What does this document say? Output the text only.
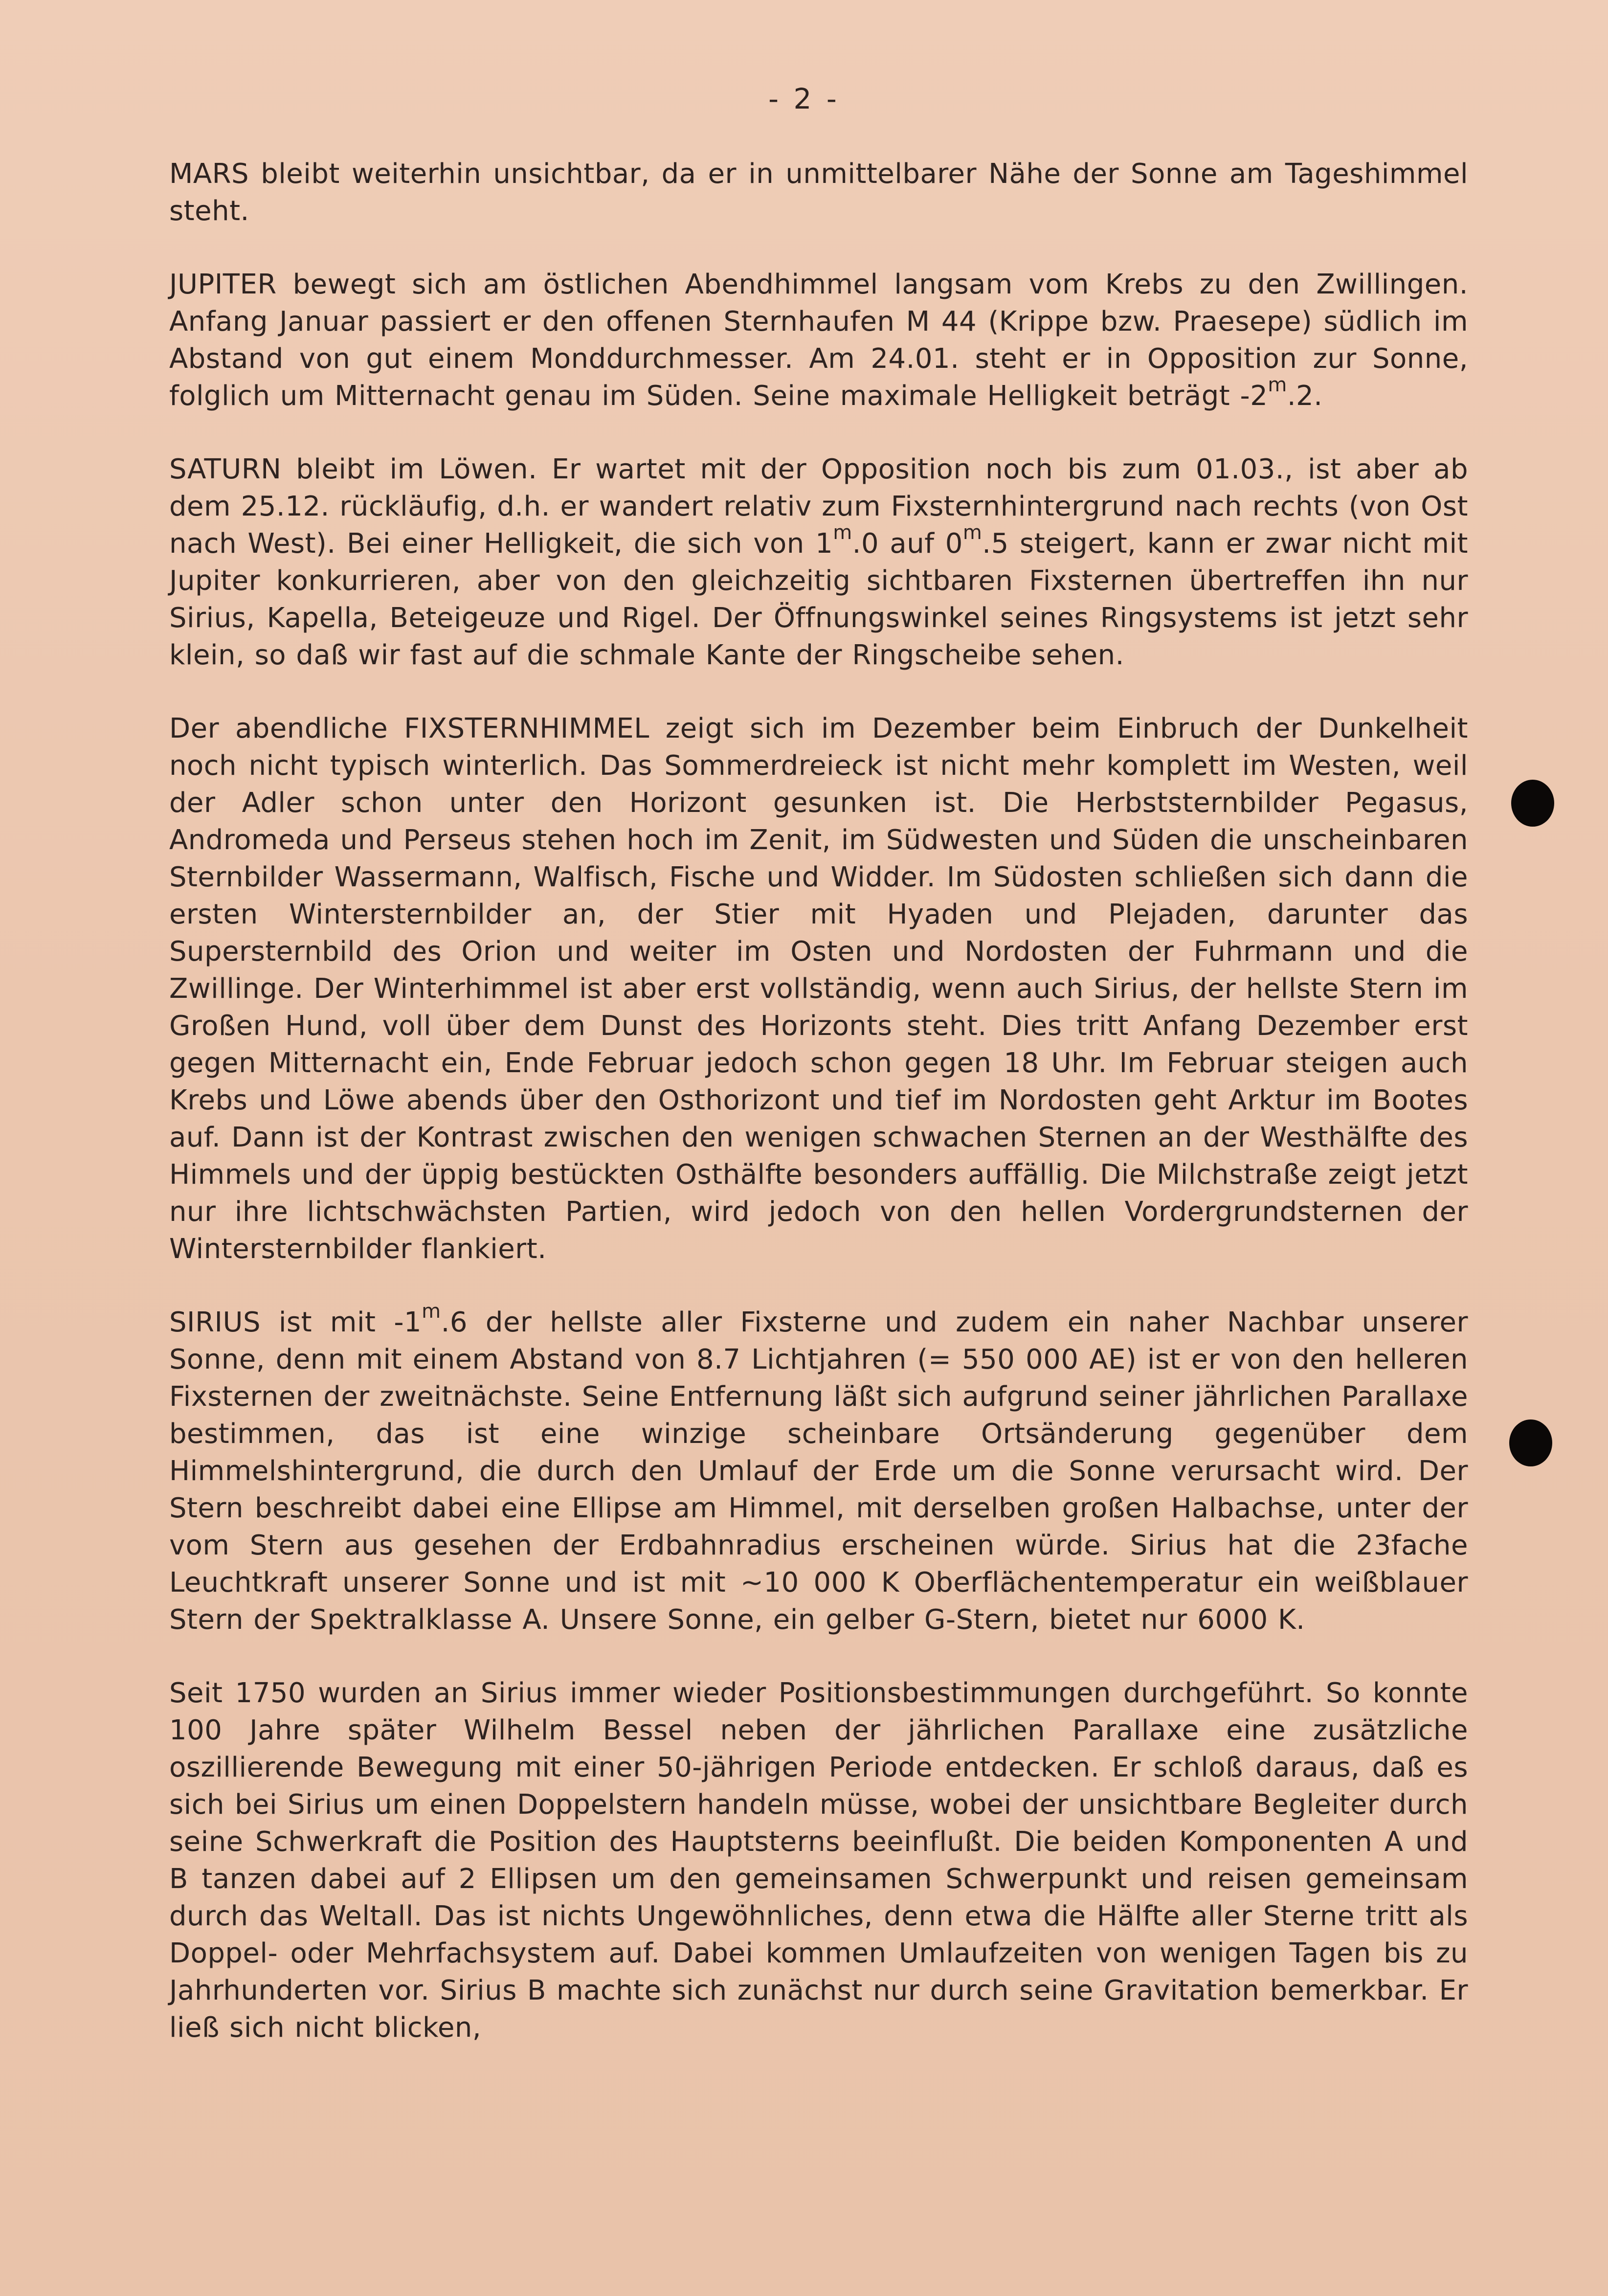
- 2 -

MARS bleibt weiterhin unsichtbar, da er in unmittelbarer Nähe der Sonne am Tageshimmel steht.

JUPITER bewegt sich am östlichen Abendhimmel langsam vom Krebs zu den Zwillingen. Anfang Januar passiert er den offenen Sternhaufen M 44 (Krippe bzw. Praesepe) südlich im Abstand von gut einem Monddurchmesser. Am 24.01. steht er in Opposition zur Sonne, folglich um Mitternacht genau im Süden. Seine maximale Helligkeit beträgt -2$^m$.2.

SATURN bleibt im Löwen. Er wartet mit der Opposition noch bis zum 01.03., ist aber ab dem 25.12. rückläufig, d.h. er wandert relativ zum Fixsternhintergrund nach rechts (von Ost nach West). Bei einer Helligkeit, die sich von 1$^m$.0 auf 0$^m$.5 steigert, kann er zwar nicht mit Jupiter konkurrieren, aber von den gleichzeitig sichtbaren Fixsternen übertreffen ihn nur Sirius, Kapella, Beteigeuze und Rigel. Der Öffnungswinkel seines Ringsystems ist jetzt sehr klein, so daß wir fast auf die schmale Kante der Ringscheibe sehen.

Der abendliche FIXSTERNHIMMEL zeigt sich im Dezember beim Einbruch der Dunkelheit noch nicht typisch winterlich. Das Sommerdreieck ist nicht mehr komplett im Westen, weil der Adler schon unter den Horizont gesunken ist. Die Herbststernbilder Pegasus, Andromeda und Perseus stehen hoch im Zenit, im Südwesten und Süden die unscheinbaren Sternbilder Wassermann, Walfisch, Fische und Widder. Im Südosten schließen sich dann die ersten Wintersternbilder an, der Stier mit Hyaden und Plejaden, darunter das Supersternbild des Orion und weiter im Osten und Nordosten der Fuhrmann und die Zwillinge. Der Winterhimmel ist aber erst vollständig, wenn auch Sirius, der hellste Stern im Großen Hund, voll über dem Dunst des Horizonts steht. Dies tritt Anfang Dezember erst gegen Mitternacht ein, Ende Februar jedoch schon gegen 18 Uhr. Im Februar steigen auch Krebs und Löwe abends über den Osthorizont und tief im Nordosten geht Arktur im Bootes auf. Dann ist der Kontrast zwischen den wenigen schwachen Sternen an der Westhälfte des Himmels und der üppig bestückten Osthälfte besonders auffällig. Die Milchstraße zeigt jetzt nur ihre lichtschwächsten Partien, wird jedoch von den hellen Vordergrundsternen der Wintersternbilder flankiert.

SIRIUS ist mit -1$^m$.6 der hellste aller Fixsterne und zudem ein naher Nachbar unserer Sonne, denn mit einem Abstand von 8.7 Lichtjahren (= 550 000 AE) ist er von den helleren Fixsternen der zweitnächste. Seine Entfernung läßt sich aufgrund seiner jährlichen Parallaxe bestimmen, das ist eine winzige scheinbare Ortsänderung gegenüber dem Himmelshintergrund, die durch den Umlauf der Erde um die Sonne verursacht wird. Der Stern beschreibt dabei eine Ellipse am Himmel, mit derselben großen Halbachse, unter der vom Stern aus gesehen der Erdbahnradius erscheinen würde. Sirius hat die 23fache Leuchtkraft unserer Sonne und ist mit ~10 000 K Oberflächentemperatur ein weißblauer Stern der Spektralklasse A. Unsere Sonne, ein gelber G-Stern, bietet nur 6000 K.

Seit 1750 wurden an Sirius immer wieder Positionsbestimmungen durchgeführt. So konnte 100 Jahre später Wilhelm Bessel neben der jährlichen Parallaxe eine zusätzliche oszillierende Bewegung mit einer 50-jährigen Periode entdecken. Er schloß daraus, daß es sich bei Sirius um einen Doppelstern handeln müsse, wobei der unsichtbare Begleiter durch seine Schwerkraft die Position des Hauptsterns beeinflußt. Die beiden Komponenten A und B tanzen dabei auf 2 Ellipsen um den gemeinsamen Schwerpunkt und reisen gemeinsam durch das Weltall. Das ist nichts Ungewöhnliches, denn etwa die Hälfte aller Sterne tritt als Doppel- oder Mehrfachsystem auf. Dabei kommen Umlaufzeiten von wenigen Tagen bis zu Jahrhunderten vor. Sirius B machte sich zunächst nur durch seine Gravitation bemerkbar. Er ließ sich nicht blicken,
